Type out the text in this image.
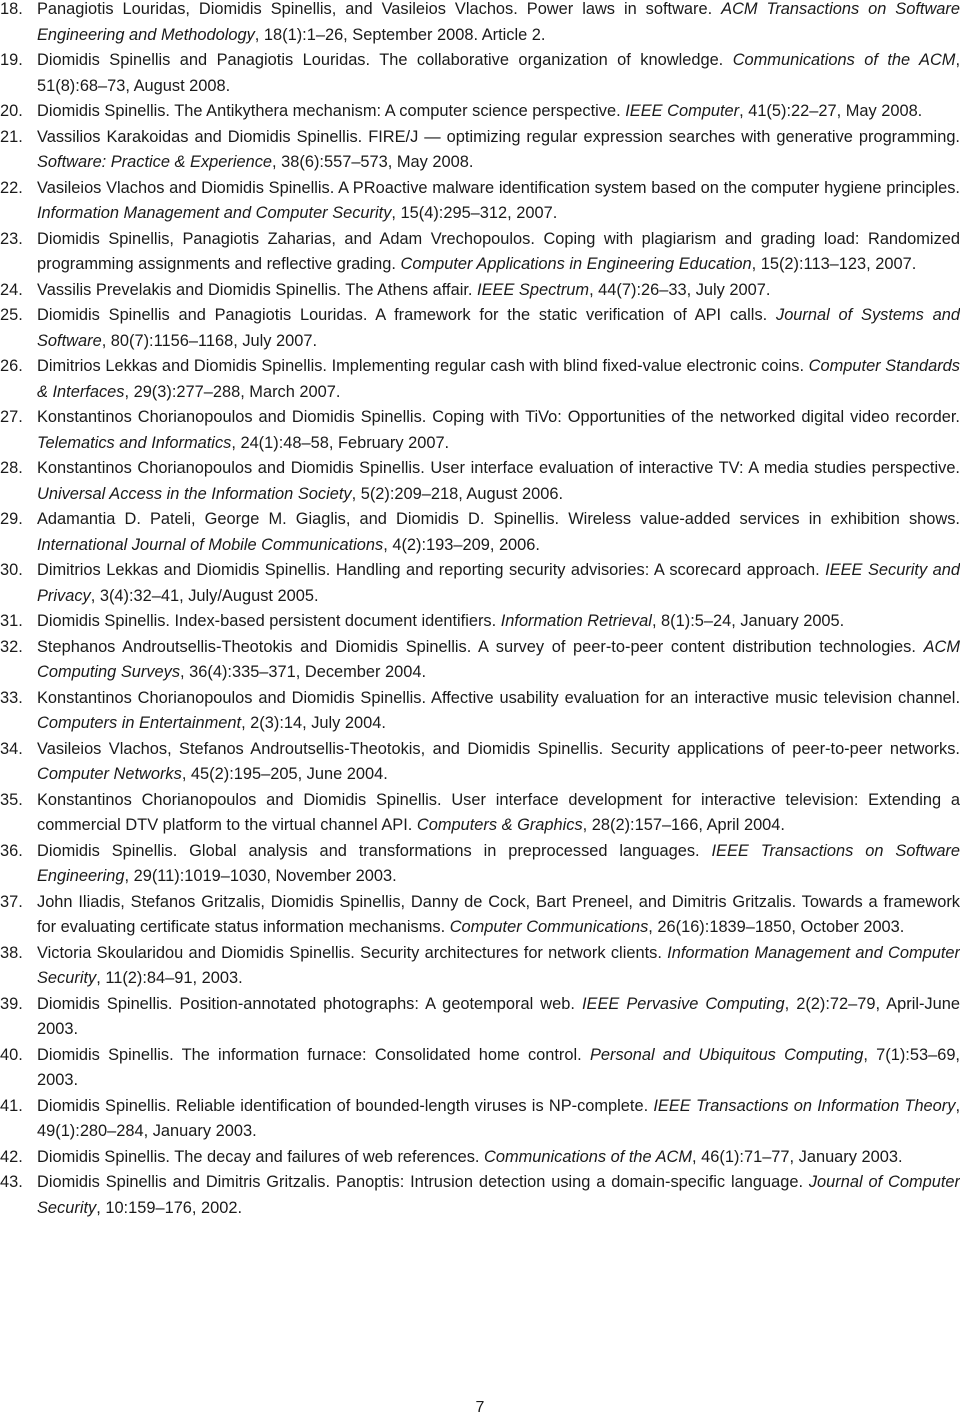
18. Panagiotis Louridas, Diomidis Spinellis, and Vasileios Vlachos. Power laws in software. ACM Transactions on Software Engineering and Methodology, 18(1):1–26, September 2008. Article 2.
19. Diomidis Spinellis and Panagiotis Louridas. The collaborative organization of knowledge. Communications of the ACM, 51(8):68–73, August 2008.
20. Diomidis Spinellis. The Antikythera mechanism: A computer science perspective. IEEE Computer, 41(5):22–27, May 2008.
21. Vassilios Karakoidas and Diomidis Spinellis. FIRE/J — optimizing regular expression searches with generative programming. Software: Practice & Experience, 38(6):557–573, May 2008.
22. Vasileios Vlachos and Diomidis Spinellis. A PRoactive malware identification system based on the computer hygiene principles. Information Management and Computer Security, 15(4):295–312, 2007.
23. Diomidis Spinellis, Panagiotis Zaharias, and Adam Vrechopoulos. Coping with plagiarism and grading load: Randomized programming assignments and reflective grading. Computer Applications in Engineering Education, 15(2):113–123, 2007.
24. Vassilis Prevelakis and Diomidis Spinellis. The Athens affair. IEEE Spectrum, 44(7):26–33, July 2007.
25. Diomidis Spinellis and Panagiotis Louridas. A framework for the static verification of API calls. Journal of Systems and Software, 80(7):1156–1168, July 2007.
26. Dimitrios Lekkas and Diomidis Spinellis. Implementing regular cash with blind fixed-value electronic coins. Computer Standards & Interfaces, 29(3):277–288, March 2007.
27. Konstantinos Chorianopoulos and Diomidis Spinellis. Coping with TiVo: Opportunities of the networked digital video recorder. Telematics and Informatics, 24(1):48–58, February 2007.
28. Konstantinos Chorianopoulos and Diomidis Spinellis. User interface evaluation of interactive TV: A media studies perspective. Universal Access in the Information Society, 5(2):209–218, August 2006.
29. Adamantia D. Pateli, George M. Giaglis, and Diomidis D. Spinellis. Wireless value-added services in exhibition shows. International Journal of Mobile Communications, 4(2):193–209, 2006.
30. Dimitrios Lekkas and Diomidis Spinellis. Handling and reporting security advisories: A scorecard approach. IEEE Security and Privacy, 3(4):32–41, July/August 2005.
31. Diomidis Spinellis. Index-based persistent document identifiers. Information Retrieval, 8(1):5–24, January 2005.
32. Stephanos Androutsellis-Theotokis and Diomidis Spinellis. A survey of peer-to-peer content distribution technologies. ACM Computing Surveys, 36(4):335–371, December 2004.
33. Konstantinos Chorianopoulos and Diomidis Spinellis. Affective usability evaluation for an interactive music television channel. Computers in Entertainment, 2(3):14, July 2004.
34. Vasileios Vlachos, Stefanos Androutsellis-Theotokis, and Diomidis Spinellis. Security applications of peer-to-peer networks. Computer Networks, 45(2):195–205, June 2004.
35. Konstantinos Chorianopoulos and Diomidis Spinellis. User interface development for interactive television: Extending a commercial DTV platform to the virtual channel API. Computers & Graphics, 28(2):157–166, April 2004.
36. Diomidis Spinellis. Global analysis and transformations in preprocessed languages. IEEE Transactions on Software Engineering, 29(11):1019–1030, November 2003.
37. John Iliadis, Stefanos Gritzalis, Diomidis Spinellis, Danny de Cock, Bart Preneel, and Dimitris Gritzalis. Towards a framework for evaluating certificate status information mechanisms. Computer Communications, 26(16):1839–1850, October 2003.
38. Victoria Skoularidou and Diomidis Spinellis. Security architectures for network clients. Information Management and Computer Security, 11(2):84–91, 2003.
39. Diomidis Spinellis. Position-annotated photographs: A geotemporal web. IEEE Pervasive Computing, 2(2):72–79, April-June 2003.
40. Diomidis Spinellis. The information furnace: Consolidated home control. Personal and Ubiquitous Computing, 7(1):53–69, 2003.
41. Diomidis Spinellis. Reliable identification of bounded-length viruses is NP-complete. IEEE Transactions on Information Theory, 49(1):280–284, January 2003.
42. Diomidis Spinellis. The decay and failures of web references. Communications of the ACM, 46(1):71–77, January 2003.
43. Diomidis Spinellis and Dimitris Gritzalis. Panoptis: Intrusion detection using a domain-specific language. Journal of Computer Security, 10:159–176, 2002.
7
